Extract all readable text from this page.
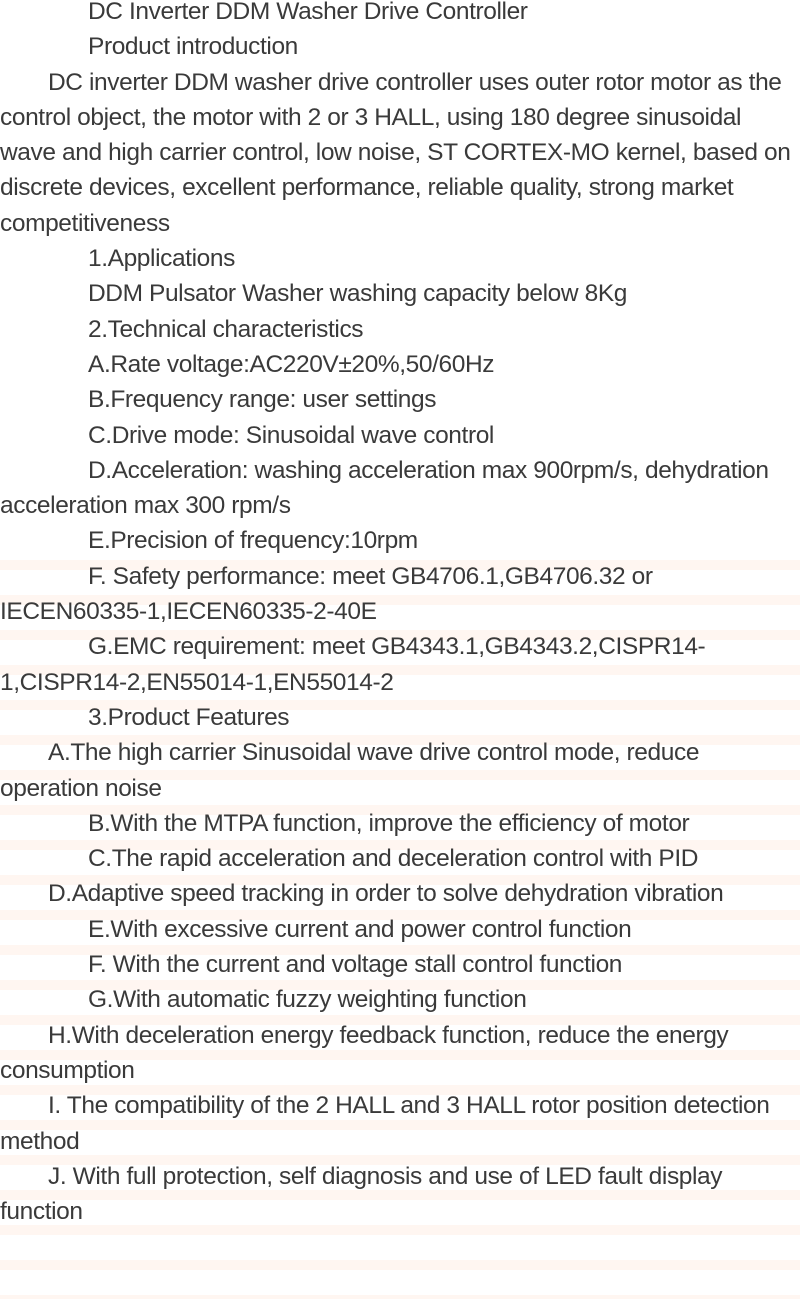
DC Inverter DDM Washer Drive Controller

Product introduction

DC inverter DDM washer drive controller uses outer rotor motor as the control object, the motor with 2 or 3 HALL, using 180 degree sinusoidal wave and high carrier control, low noise, ST CORTEX-MO kernel, based on discrete devices, excellent performance, reliable quality, strong market competitiveness

1.Applications

DDM Pulsator Washer washing capacity below 8Kg

2.Technical characteristics

A.Rate voltage:AC220V±20%,50/60Hz

B.Frequency range: user settings

C.Drive mode: Sinusoidal wave control

D.Acceleration: washing acceleration max 900rpm/s, dehydration acceleration max 300 rpm/s

E.Precision of frequency:10rpm

F. Safety performance: meet GB4706.1,GB4706.32 or IECEN60335-1,IECEN60335-2-40E

G.EMC requirement: meet GB4343.1,GB4343.2,CISPR14-1,CISPR14-2,EN55014-1,EN55014-2

3.Product Features

A.The high carrier Sinusoidal wave drive control mode, reduce operation noise

B.With the MTPA function, improve the efficiency of motor

C.The rapid acceleration and deceleration control with PID

D.Adaptive speed tracking in order to solve dehydration vibration

E.With excessive current and power control function

F. With the current and voltage stall control function

G.With automatic fuzzy weighting function

H.With deceleration energy feedback function, reduce the energy consumption

I. The compatibility of the 2 HALL and 3 HALL rotor position detection method

J. With full protection, self diagnosis and use of LED fault display function
